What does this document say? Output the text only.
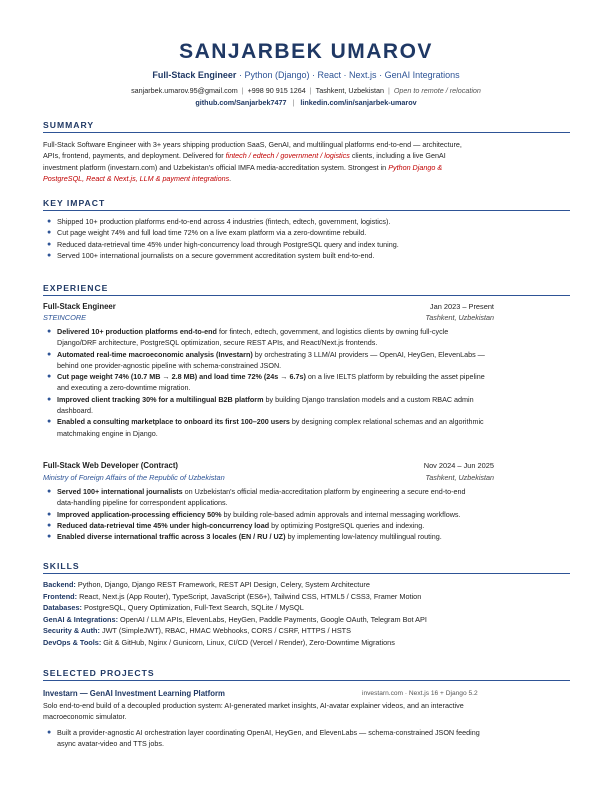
SANJARBEK UMAROV
Full-Stack Engineer · Python (Django) · React · Next.js · GenAI Integrations
sanjarbek.umarov.95@gmail.com | +998 90 915 1264 | Tashkent, Uzbekistan | Open to remote / relocation
github.com/Sanjarbek7477 | linkedin.com/in/sanjarbek-umarov
SUMMARY
Full-Stack Software Engineer with 3+ years shipping production SaaS, GenAI, and multilingual platforms end-to-end — architecture,
APIs, frontend, payments, and deployment. Delivered for fintech / edtech / government / logistics clients, including a live GenAI
investment platform (investarn.com) and Uzbekistan's official IMFA media-accreditation system. Strongest in Python Django &
PostgreSQL, React & Next.js, LLM & payment integrations.
KEY IMPACT
● Shipped 10+ production platforms end-to-end across 4 industries (fintech, edtech, government, logistics).
● Cut page weight 74% and full load time 72% on a live exam platform via a zero-downtime rebuild.
● Reduced data-retrieval time 45% under high-concurrency load through PostgreSQL query and index tuning.
● Served 100+ international journalists on a secure government accreditation system built end-to-end.
EXPERIENCE
Full-Stack Engineer	Jan 2023 – Present
STEINCORE	Tashkent, Uzbekistan
● Delivered 10+ production platforms end-to-end for fintech, edtech, government, and logistics clients by owning full-cycle
Django/DRF architecture, PostgreSQL optimization, secure REST APIs, and React/Next.js frontends.
● Automated real-time macroeconomic analysis (Investarn) by orchestrating 3 LLM/AI providers — OpenAI, HeyGen, ElevenLabs —
behind one provider-agnostic pipeline with schema-constrained JSON.
● Cut page weight 74% (10.7 MB → 2.8 MB) and load time 72% (24s → 6.7s) on a live IELTS platform by rebuilding the asset pipeline
and executing a zero-downtime migration.
● Improved client tracking 30% for a multilingual B2B platform by building Django translation models and a custom RBAC admin
dashboard.
● Enabled a consulting marketplace to onboard its first 100–200 users by designing complex relational schemas and an algorithmic
matchmaking engine in Django.
Full-Stack Web Developer (Contract)	Nov 2024 – Jun 2025
Ministry of Foreign Affairs of the Republic of Uzbekistan	Tashkent, Uzbekistan
● Served 100+ international journalists on Uzbekistan's official media-accreditation platform by engineering a secure end-to-end
data-handling pipeline for correspondent applications.
● Improved application-processing efficiency 50% by building role-based admin approvals and internal messaging workflows.
● Reduced data-retrieval time 45% under high-concurrency load by optimizing PostgreSQL queries and indexing.
● Enabled diverse international traffic across 3 locales (EN / RU / UZ) by implementing low-latency multilingual routing.
SKILLS
Backend: Python, Django, Django REST Framework, REST API Design, Celery, System Architecture
Frontend: React, Next.js (App Router), TypeScript, JavaScript (ES6+), Tailwind CSS, HTML5 / CSS3, Framer Motion
Databases: PostgreSQL, Query Optimization, Full-Text Search, SQLite / MySQL
GenAI & Integrations: OpenAI / LLM APIs, ElevenLabs, HeyGen, Paddle Payments, Google OAuth, Telegram Bot API
Security & Auth: JWT (SimpleJWT), RBAC, HMAC Webhooks, CORS / CSRF, HTTPS / HSTS
DevOps & Tools: Git & GitHub, Nginx / Gunicorn, Linux, CI/CD (Vercel / Render), Zero-Downtime Migrations
SELECTED PROJECTS
Investarn — GenAI Investment Learning Platform	investarn.com · Next.js 16 + Django 5.2
Solo end-to-end build of a decoupled production system: AI-generated market insights, AI-avatar explainer videos, and an interactive
macroeconomic simulator.
● Built a provider-agnostic AI orchestration layer coordinating OpenAI, HeyGen, and ElevenLabs — schema-constrained JSON feeding
async avatar-video and TTS jobs.
